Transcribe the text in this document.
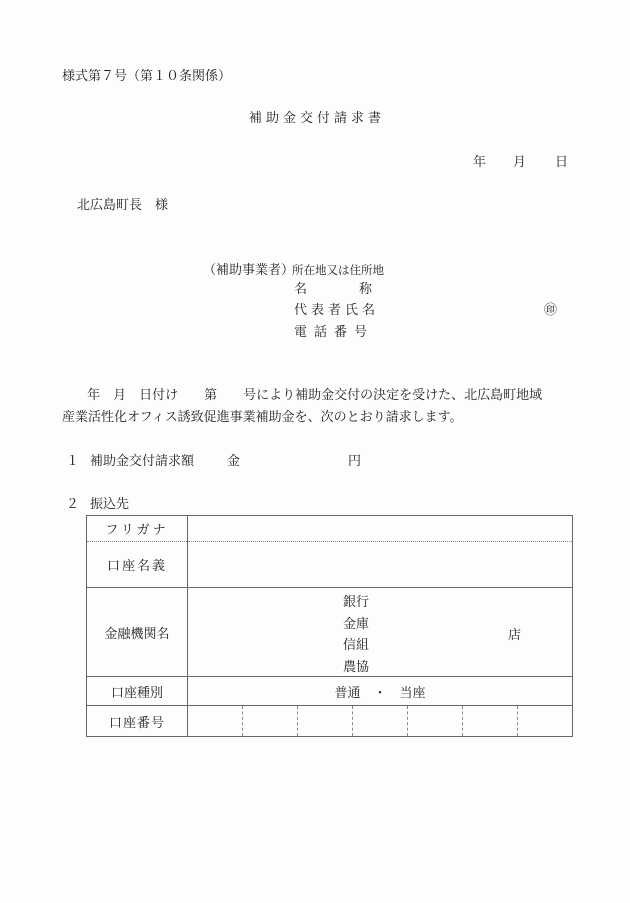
様式第７号（第１０条関係）
補助金交付請求書
年 月 日
北広島町長　様
（補助事業者）
所在地又は住所地
名　　　　称
代表者氏名	㊞
電話番号
　 年　月　日付け　　第　　号により補助金交付の決定を受けた、北広島町地域
産業活性化オフィス誘致促進事業補助金を、次のとおり請求します。
１ 補助金交付請求額	金	円
２ 振込先
フリガナ	
口座名義	
金融機関名	銀行
金庫
信組
農協
店

口座種別	普通　・　当座
口座番号	
